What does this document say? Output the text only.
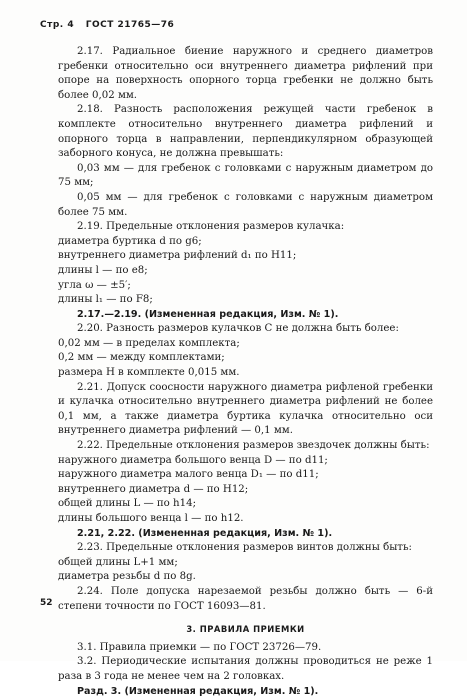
Стр. 4 ГОСТ 21765—76

2.17. Радиальное биение наружного и среднего диаметров гребенки относительно оси внутреннего диаметра рифлений при опоре на поверхность опорного торца гребенки не должно быть более 0,02 мм.

2.18. Разность расположения режущей части гребенок в комплекте относительно внутреннего диаметра рифлений и опорного торца в направлении, перпендикулярном образующей заборного конуса, не должна превышать:

0,03 мм — для гребенок с головками с наружным диаметром до 75 мм;

0,05 мм — для гребенок с головками с наружным диаметром более 75 мм.

2.19. Предельные отклонения размеров кулачка:

диаметра буртика d по g6;

внутреннего диаметра рифлений d₁ по H11;

длины l — по e8;

угла ω — ±5′;

длины l₁ — по F8;

2.17.—2.19. (Измененная редакция, Изм. № 1).

2.20. Разность размеров кулачков C не должна быть более:

0,02 мм — в пределах комплекта;

0,2 мм — между комплектами;

размера H в комплекте 0,015 мм.

2.21. Допуск соосности наружного диаметра рифленой гребенки и кулачка относительно внутреннего диаметра рифлений не более 0,1 мм, а также диаметра буртика кулачка относительно оси внутреннего диаметра рифлений — 0,1 мм.

2.22. Предельные отклонения размеров звездочек должны быть:

наружного диаметра большого венца D — по d11;

наружного диаметра малого венца D₁ — по d11;

внутреннего диаметра d — по H12;

общей длины L — по h14;

длины большого венца l — по h12.

2.21, 2.22. (Измененная редакция, Изм. № 1).

2.23. Предельные отклонения размеров винтов должны быть:

общей длины L+1 мм;

диаметра резьбы d по 8g.

2.24. Поле допуска нарезаемой резьбы должно быть — 6-й степени точности по ГОСТ 16093—81.

3. ПРАВИЛА ПРИЕМКИ

3.1. Правила приемки — по ГОСТ 23726—79.

3.2. Периодические испытания должны проводиться не реже 1 раза в 3 года не менее чем на 2 головках.

Разд. 3. (Измененная редакция, Изм. № 1).

52
